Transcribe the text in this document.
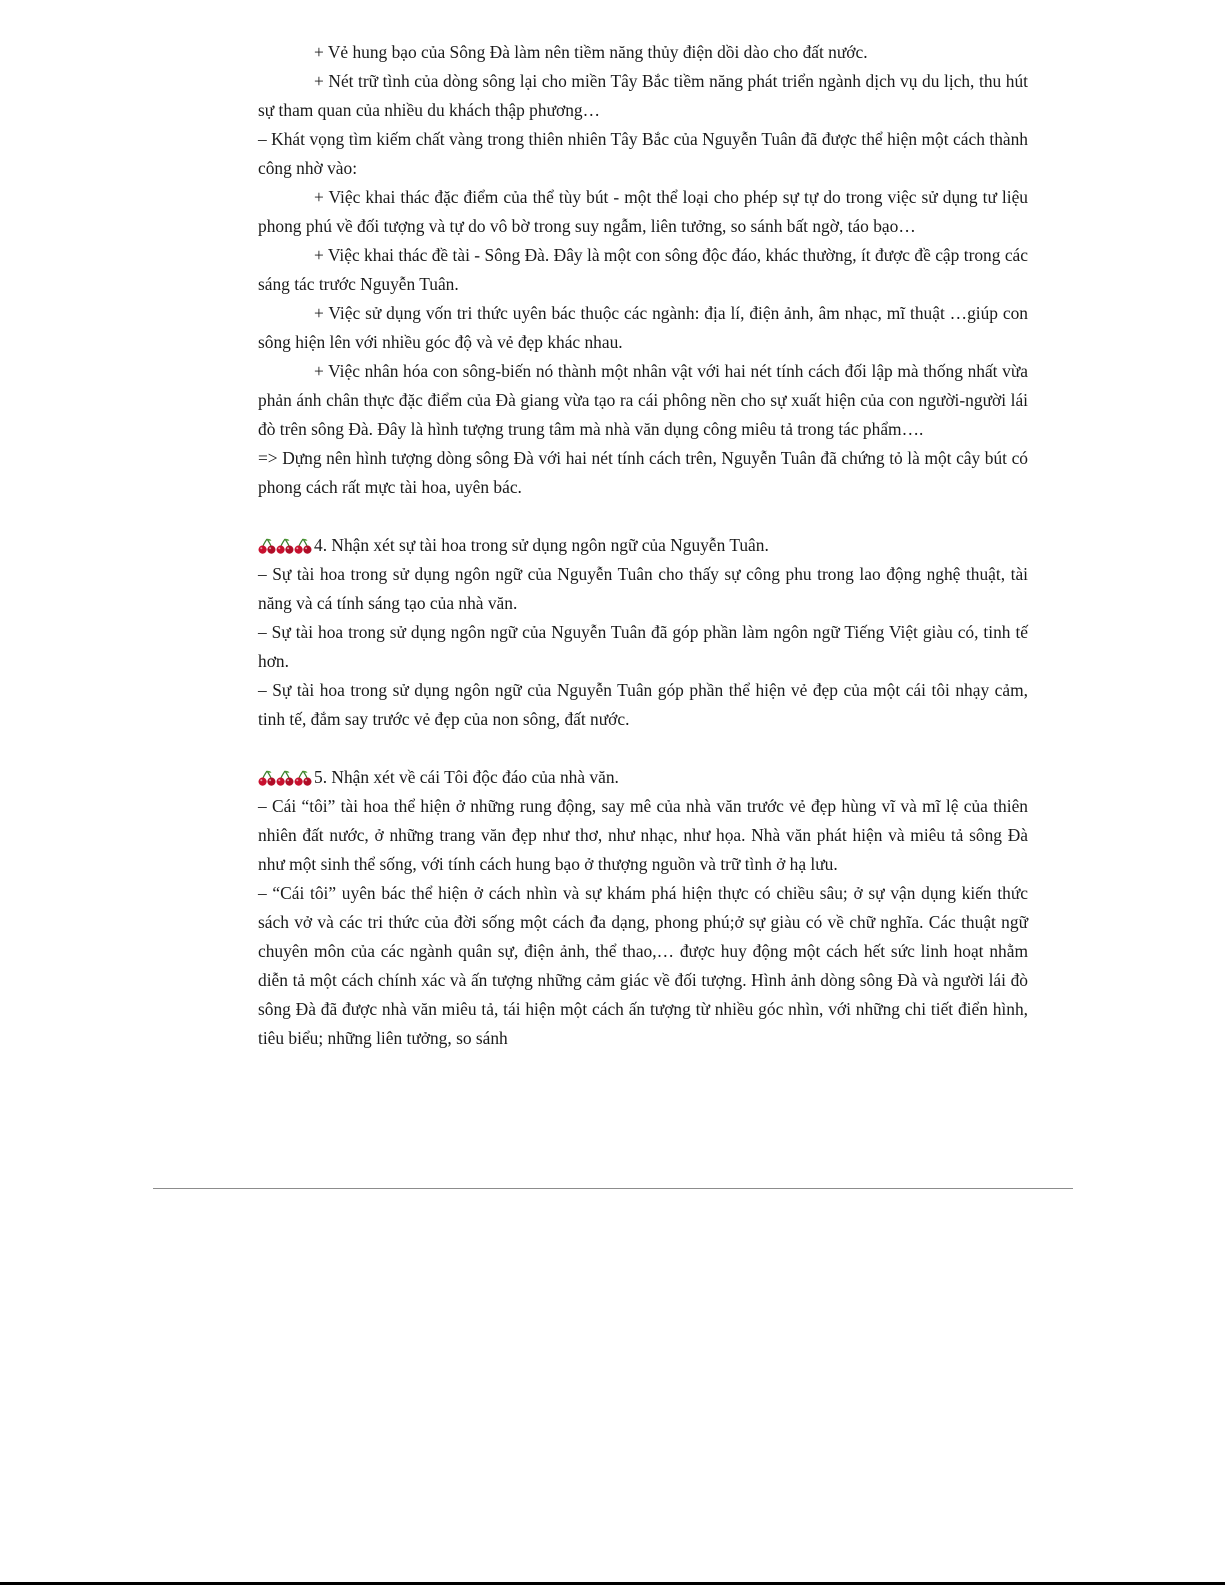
+ Vẻ hung bạo của Sông Đà làm nên tiềm năng thủy điện dồi dào cho đất nước.

+ Nét trữ tình của dòng sông lại cho miền Tây Bắc tiềm năng phát triển ngành dịch vụ du lịch, thu hút sự tham quan của nhiều du khách thập phương…

– Khát vọng tìm kiếm chất vàng trong thiên nhiên Tây Bắc của Nguyễn Tuân đã được thể hiện một cách thành công nhờ vào:

+ Việc khai thác đặc điểm của thể tùy bút - một thể loại cho phép sự tự do trong việc sử dụng tư liệu phong phú về đối tượng và tự do vô bờ trong suy ngẫm, liên tưởng, so sánh bất ngờ, táo bạo…

+ Việc khai thác đề tài - Sông Đà. Đây là một con sông độc đáo, khác thường, ít được đề cập trong các sáng tác trước Nguyễn Tuân.

+ Việc sử dụng vốn tri thức uyên bác thuộc các ngành: địa lí, điện ảnh, âm nhạc, mĩ thuật …giúp con sông hiện lên với nhiều góc độ và vẻ đẹp khác nhau.

+ Việc nhân hóa con sông-biến nó thành một nhân vật với hai nét tính cách đối lập mà thống nhất vừa phản ánh chân thực đặc điểm của Đà giang vừa tạo ra cái phông nền cho sự xuất hiện của con người-người lái đò trên sông Đà. Đây là hình tượng trung tâm mà nhà văn dụng công miêu tả trong tác phẩm….

=> Dựng nên hình tượng dòng sông Đà với hai nét tính cách trên, Nguyễn Tuân đã chứng tỏ là một cây bút có phong cách rất mực tài hoa, uyên bác.

4. Nhận xét sự tài hoa trong sử dụng ngôn ngữ của Nguyễn Tuân.

– Sự tài hoa trong sử dụng ngôn ngữ của Nguyễn Tuân cho thấy sự công phu trong lao động nghệ thuật, tài năng và cá tính sáng tạo của nhà văn.

– Sự tài hoa trong sử dụng ngôn ngữ của Nguyễn Tuân đã góp phần làm ngôn ngữ Tiếng Việt giàu có, tinh tế hơn.

– Sự tài hoa trong sử dụng ngôn ngữ của Nguyễn Tuân góp phần thể hiện vẻ đẹp của một cái tôi nhạy cảm, tinh tế, đắm say trước vẻ đẹp của non sông, đất nước.

5. Nhận xét về cái Tôi độc đáo của nhà văn.

– Cái “tôi” tài hoa thể hiện ở những rung động, say mê của nhà văn trước vẻ đẹp hùng vĩ và mĩ lệ của thiên nhiên đất nước, ở những trang văn đẹp như thơ, như nhạc, như họa. Nhà văn phát hiện và miêu tả sông Đà như một sinh thể sống, với tính cách hung bạo ở thượng nguồn và trữ tình ở hạ lưu.

– “Cái tôi” uyên bác thể hiện ở cách nhìn và sự khám phá hiện thực có chiều sâu; ở sự vận dụng kiến thức sách vở và các tri thức của đời sống một cách đa dạng, phong phú;ở sự giàu có về chữ nghĩa. Các thuật ngữ chuyên môn của các ngành quân sự, điện ảnh, thể thao,… được huy động một cách hết sức linh hoạt nhằm diễn tả một cách chính xác và ấn tượng những cảm giác về đối tượng. Hình ảnh dòng sông Đà và người lái đò sông Đà đã được nhà văn miêu tả, tái hiện một cách ấn tượng từ nhiều góc nhìn, với những chi tiết điển hình, tiêu biểu; những liên tưởng, so sánh
